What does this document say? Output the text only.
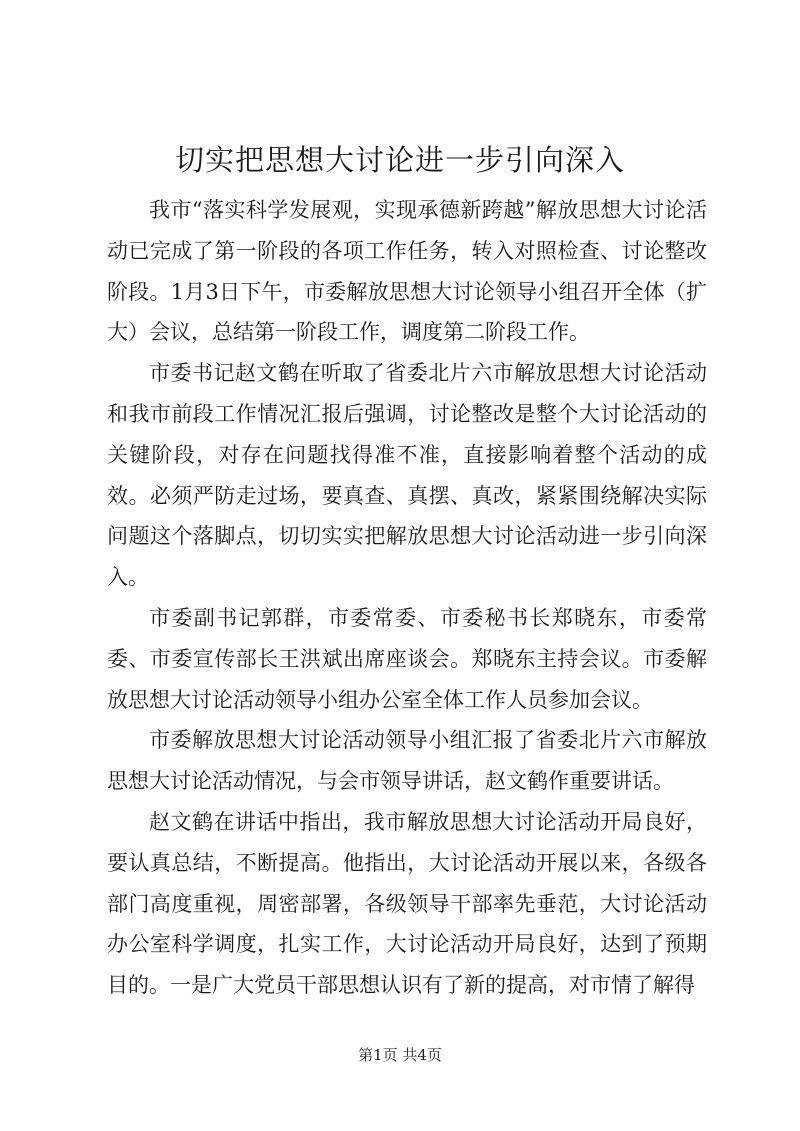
切实把思想大讨论进一步引向深入

我市“落实科学发展观，实现承德新跨越”解放思想大讨论活动已完成了第一阶段的各项工作任务，转入对照检查、讨论整改阶段。1月3日下午，市委解放思想大讨论领导小组召开全体（扩大）会议，总结第一阶段工作，调度第二阶段工作。

市委书记赵文鹤在听取了省委北片六市解放思想大讨论活动和我市前段工作情况汇报后强调，讨论整改是整个大讨论活动的关键阶段，对存在问题找得准不准，直接影响着整个活动的成效。必须严防走过场，要真查、真摆、真改，紧紧围绕解决实际问题这个落脚点，切切实实把解放思想大讨论活动进一步引向深入。

市委副书记郭群，市委常委、市委秘书长郑晓东，市委常委、市委宣传部长王洪斌出席座谈会。郑晓东主持会议。市委解放思想大讨论活动领导小组办公室全体工作人员参加会议。

市委解放思想大讨论活动领导小组汇报了省委北片六市解放思想大讨论活动情况，与会市领导讲话，赵文鹤作重要讲话。

赵文鹤在讲话中指出，我市解放思想大讨论活动开局良好，要认真总结，不断提高。他指出，大讨论活动开展以来，各级各部门高度重视，周密部署，各级领导干部率先垂范，大讨论活动办公室科学调度，扎实工作，大讨论活动开局良好，达到了预期目的。一是广大党员干部思想认识有了新的提高，对市情了解得

第1页 共4页
